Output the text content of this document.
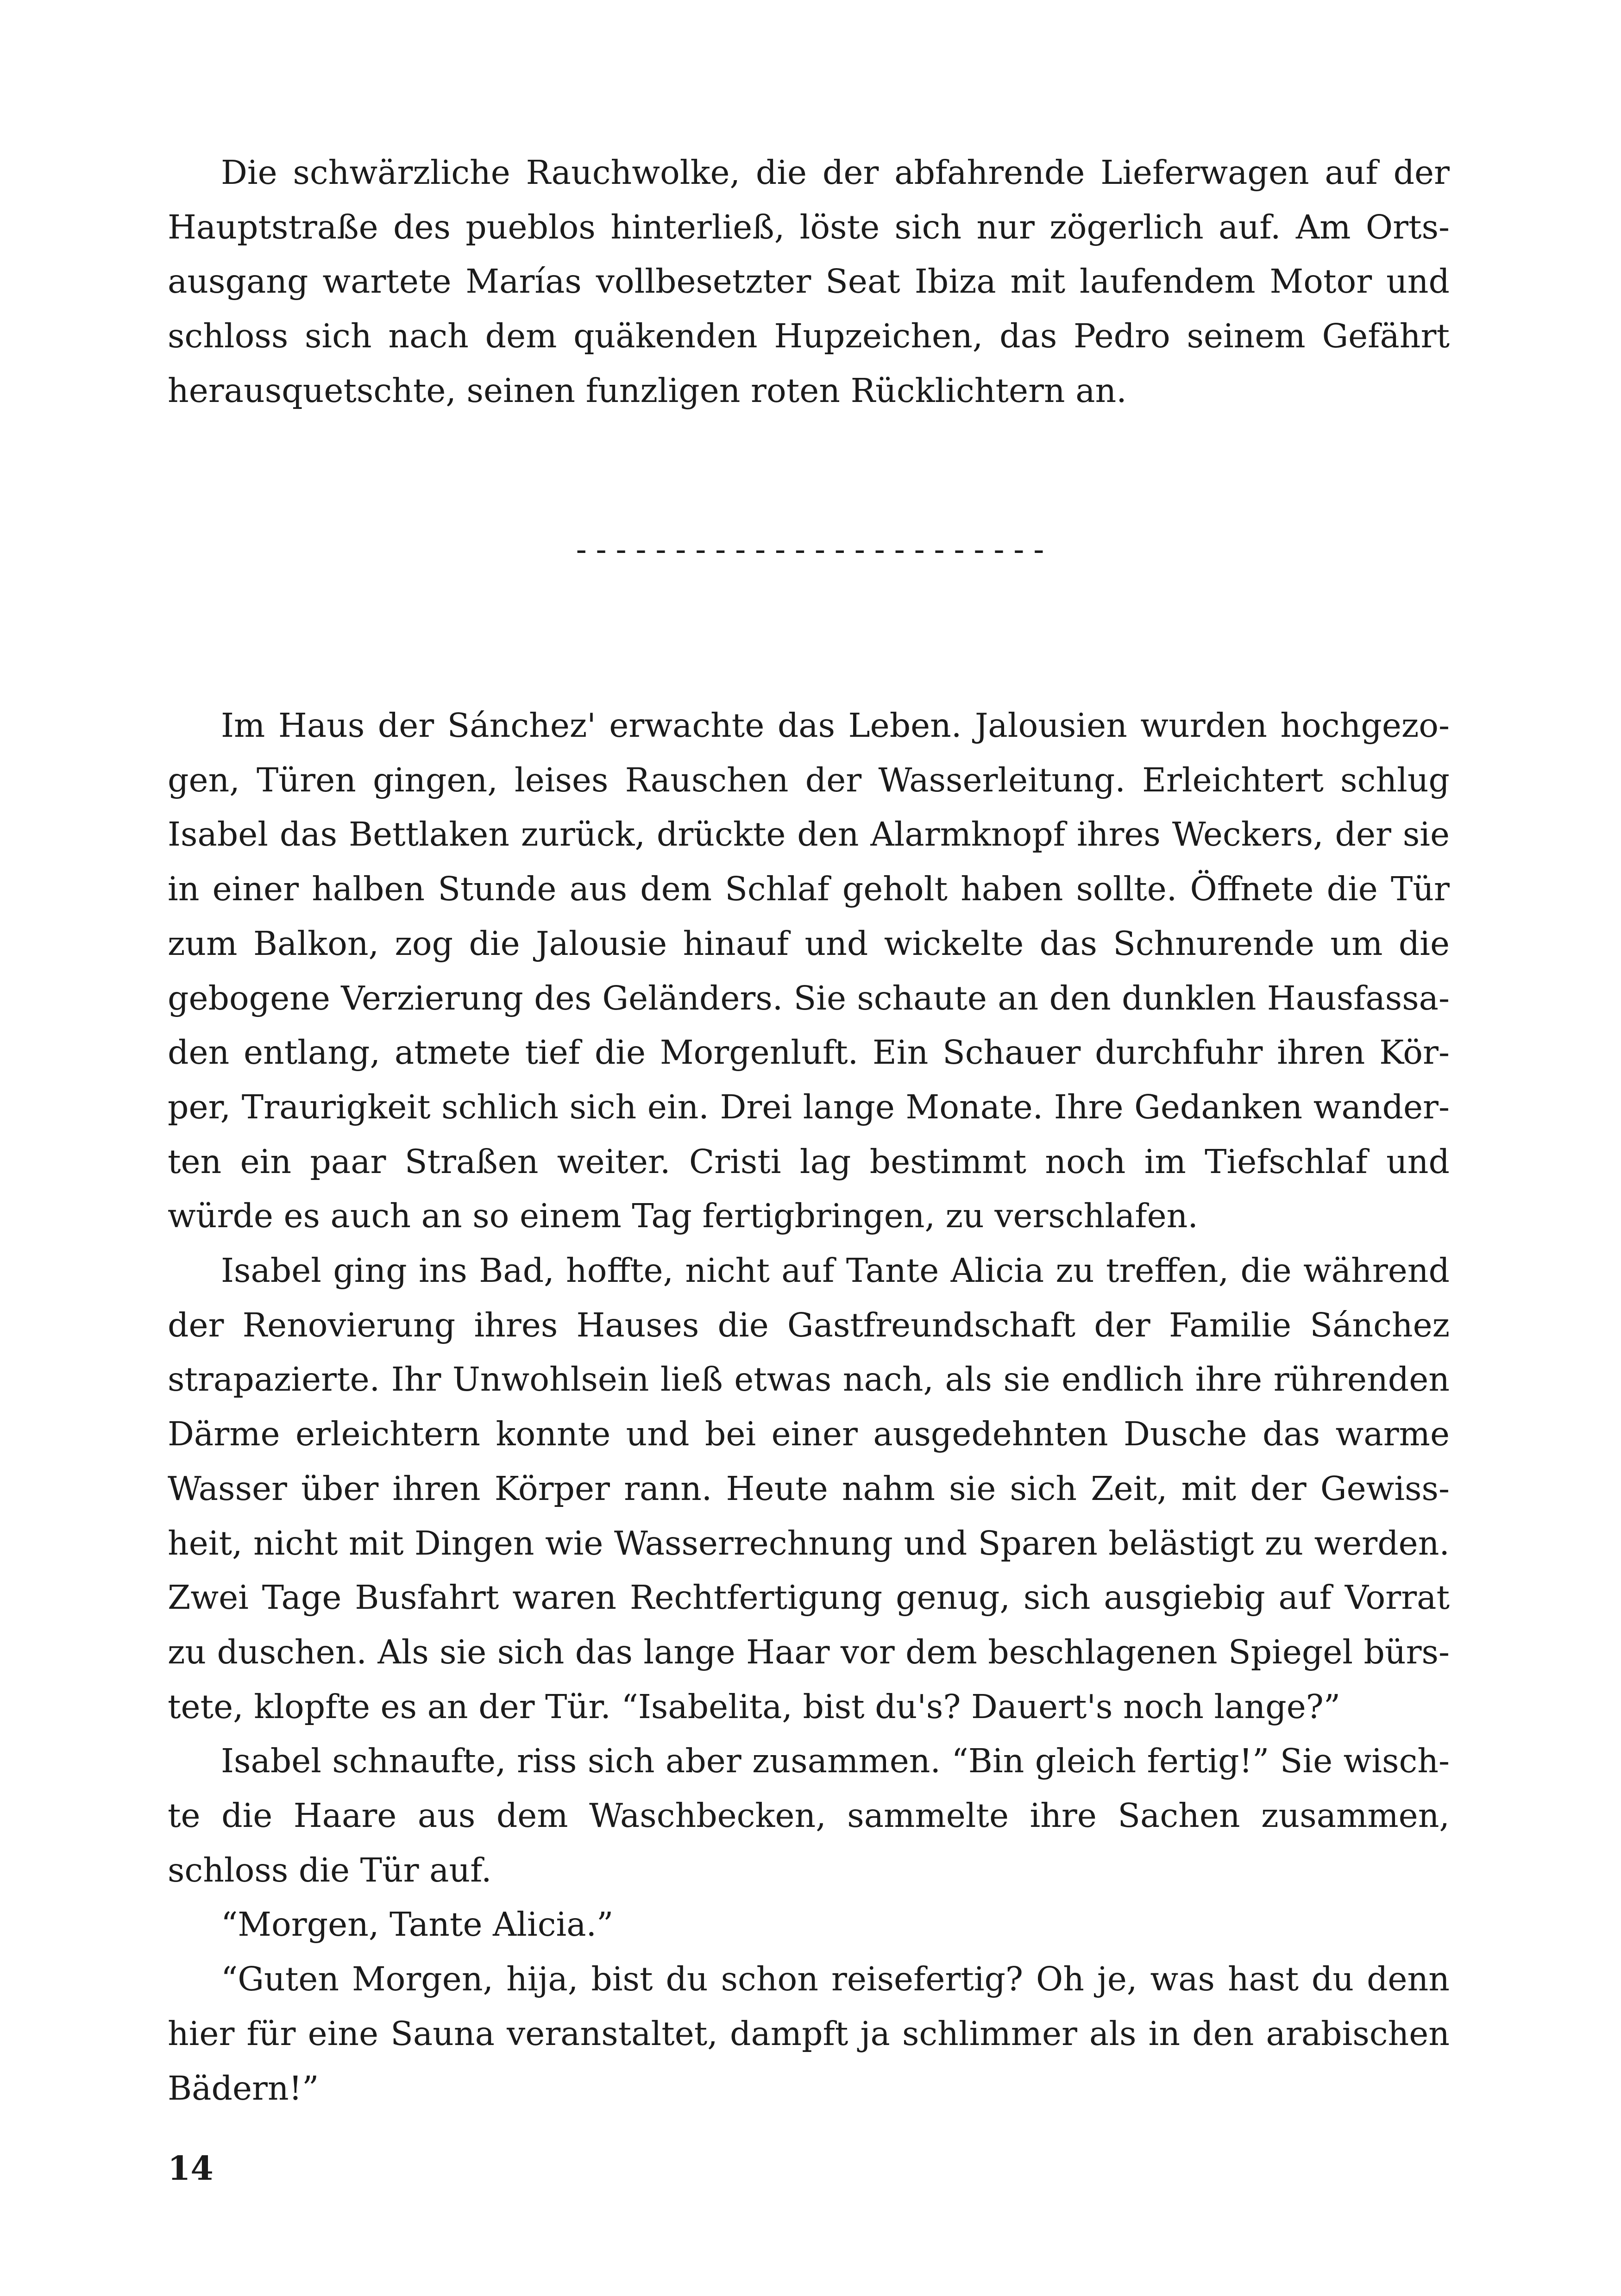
Die schwärzliche Rauchwolke, die der abfahrende Lieferwagen auf der Hauptstraße des pueblos hinterließ, löste sich nur zögerlich auf. Am Ortsausgang wartete Marías vollbesetzter Seat Ibiza mit laufendem Motor und schloss sich nach dem quäkenden Hupzeichen, das Pedro seinem Gefährt herausquetschte, seinen funzligen roten Rücklichtern an.

------------------------

Im Haus der Sánchez' erwachte das Leben. Jalousien wurden hochgezogen, Türen gingen, leises Rauschen der Wasserleitung. Erleichtert schlug Isabel das Bettlaken zurück, drückte den Alarmknopf ihres Weckers, der sie in einer halben Stunde aus dem Schlaf geholt haben sollte. Öffnete die Tür zum Balkon, zog die Jalousie hinauf und wickelte das Schnurende um die gebogene Verzierung des Geländers. Sie schaute an den dunklen Hausfassaden entlang, atmete tief die Morgenluft. Ein Schauer durchfuhr ihren Körper, Traurigkeit schlich sich ein. Drei lange Monate. Ihre Gedanken wanderten ein paar Straßen weiter. Cristi lag bestimmt noch im Tiefschlaf und würde es auch an so einem Tag fertigbringen, zu verschlafen.

Isabel ging ins Bad, hoffte, nicht auf Tante Alicia zu treffen, die während der Renovierung ihres Hauses die Gastfreundschaft der Familie Sánchez strapazierte. Ihr Unwohlsein ließ etwas nach, als sie endlich ihre rührenden Därme erleichtern konnte und bei einer ausgedehnten Dusche das warme Wasser über ihren Körper rann. Heute nahm sie sich Zeit, mit der Gewissheit, nicht mit Dingen wie Wasserrechnung und Sparen belästigt zu werden. Zwei Tage Busfahrt waren Rechtfertigung genug, sich ausgiebig auf Vorrat zu duschen. Als sie sich das lange Haar vor dem beschlagenen Spiegel bürstete, klopfte es an der Tür. “Isabelita, bist du's? Dauert's noch lange?”

Isabel schnaufte, riss sich aber zusammen. “Bin gleich fertig!” Sie wischte die Haare aus dem Waschbecken, sammelte ihre Sachen zusammen, schloss die Tür auf.

“Morgen, Tante Alicia.”

“Guten Morgen, hija, bist du schon reisefertig? Oh je, was hast du denn hier für eine Sauna veranstaltet, dampft ja schlimmer als in den arabischen Bädern!”

14
